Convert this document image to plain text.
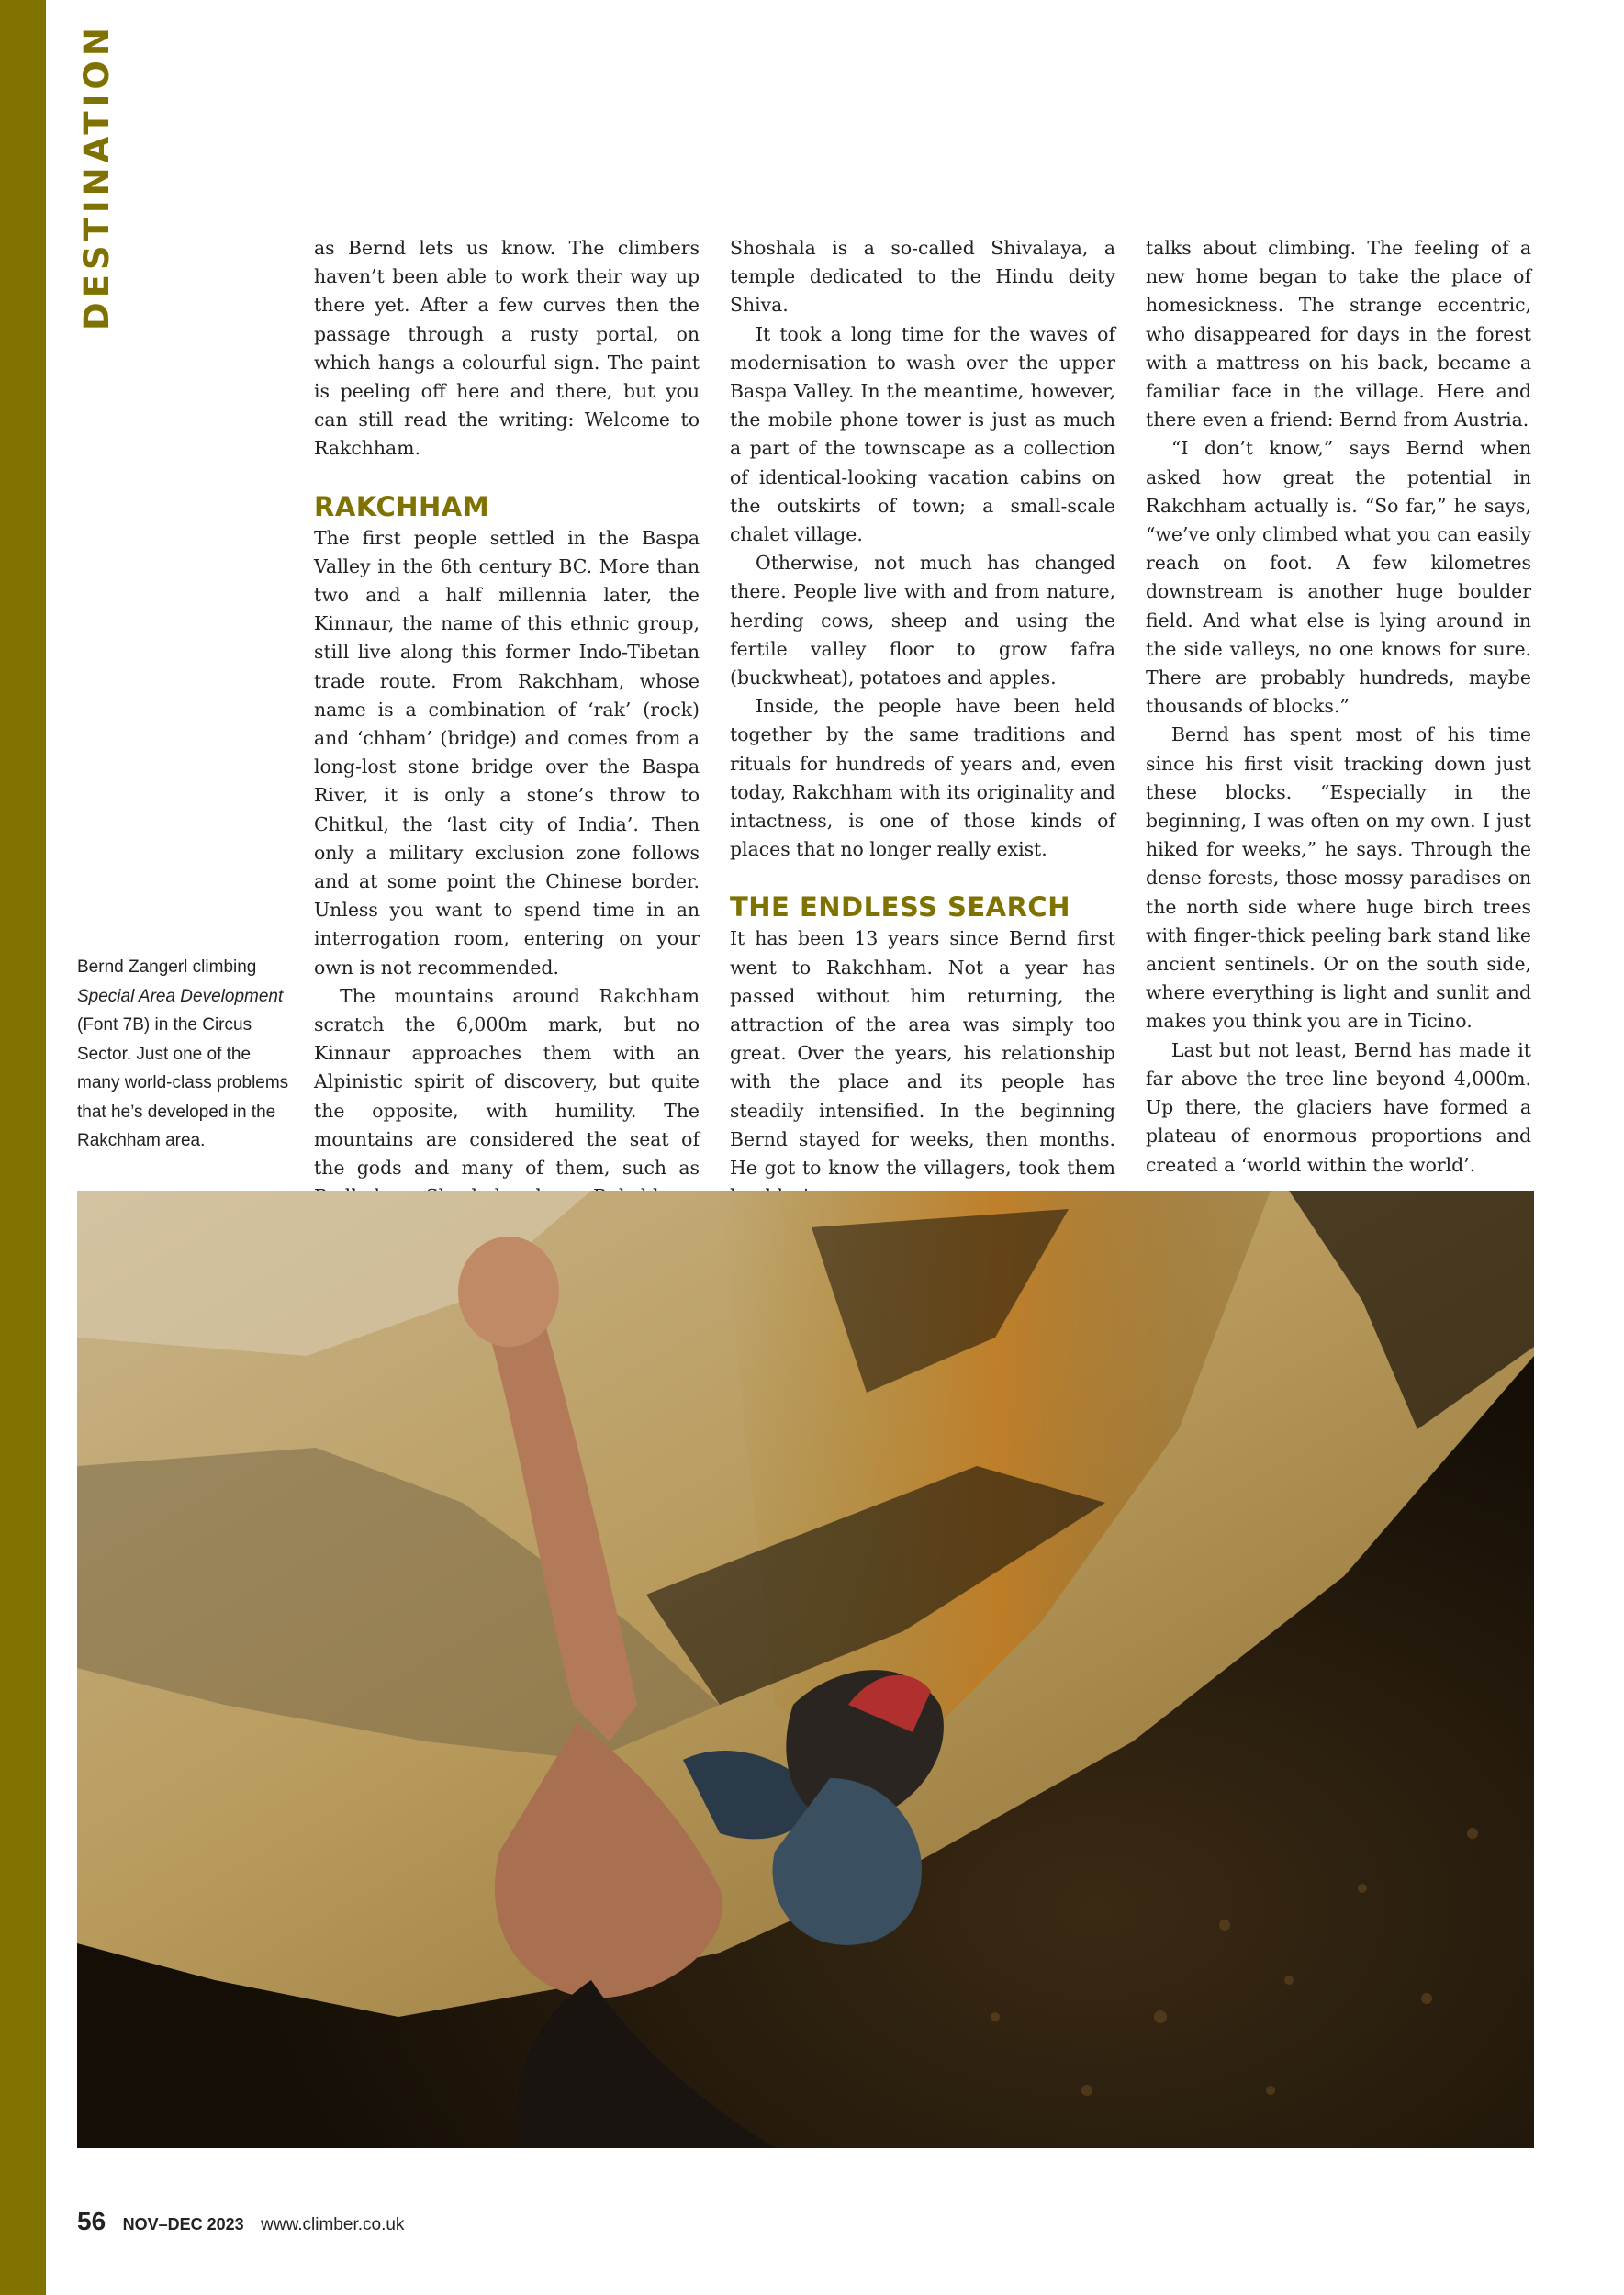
DESTINATION

Bernd Zangerl climbing Special Area Development (Font 7B) in the Circus Sector. Just one of the many world-class problems that he’s developed in the Rakchham area.

as Bernd lets us know. The climbers haven’t been able to work their way up there yet. After a few curves then the passage through a rusty portal, on which hangs a colourful sign. The paint is peeling off here and there, but you can still read the writing: Welcome to Rakchham.

RAKCHHAM

The first people settled in the Baspa Valley in the 6th century BC. More than two and a half millennia later, the Kinnaur, the name of this ethnic group, still live along this former Indo-Tibetan trade route. From Rakchham, whose name is a combination of ‘rak’ (rock) and ‘chham’ (bridge) and comes from a long-lost stone bridge over the Baspa River, it is only a stone’s throw to Chitkul, the ‘last city of India’. Then only a military exclusion zone follows and at some point the Chinese border. Unless you want to spend time in an interrogation room, entering on your own is not recommended.

The mountains around Rakchham scratch the 6,000m mark, but no Kinnaur approaches them with an Alpinistic spirit of discovery, but quite the opposite, with humility. The mountains are considered the seat of the gods and many of them, such as

Shoshala is a so-called Shivalaya, a temple dedicated to the Hindu deity Shiva.

It took a long time for the waves of modernisation to wash over the upper Baspa Valley. In the meantime, however, the mobile phone tower is just as much a part of the townscape as a collection of identical-looking vacation cabins on the outskirts of town; a small-scale chalet village.

Otherwise, not much has changed there. People live with and from nature, herding cows, sheep and using the fertile valley floor to grow fafra (buckwheat), potatoes and apples.

Inside, the people have been held together by the same traditions and rituals for hundreds of years and, even today, Rakchham with its originality and intactness, is one of those kinds of places that no longer really exist.

THE ENDLESS SEARCH

It has been 13 years since Bernd first went to Rakchham. Not a year has passed without him returning, the attraction of the area was simply too great. Over the years, his relationship with the place and its people has steadily intensified. In the beginning Bernd stayed for weeks, then months. He got to know the villagers, took them

talks about climbing. The feeling of a new home began to take the place of homesickness. The strange eccentric, who disappeared for days in the forest with a mattress on his back, became a familiar face in the village. Here and there even a friend: Bernd from Austria.

“I don’t know,” says Bernd when asked how great the potential in Rakchham actually is. “So far,” he says, “we’ve only climbed what you can easily reach on foot. A few kilometres downstream is another huge boulder field. And what else is lying around in the side valleys, no one knows for sure. There are probably hundreds, maybe thousands of blocks.”

Bernd has spent most of his time since his first visit tracking down just these blocks. “Especially in the beginning, I was often on my own. I just hiked for weeks,” he says. Through the dense forests, those mossy paradises on the north side where huge birch trees with finger-thick peeling bark stand like ancient sentinels. Or on the south side, where everything is light and sunlit and makes you think you are in Ticino.

Last but not least, Bernd has made it far above the tree line beyond 4,000m. Up there, the glaciers have formed a plateau of enormous proportions and created a ‘world within the world’.

56 NOV–DEC 2023 www.climber.co.uk
